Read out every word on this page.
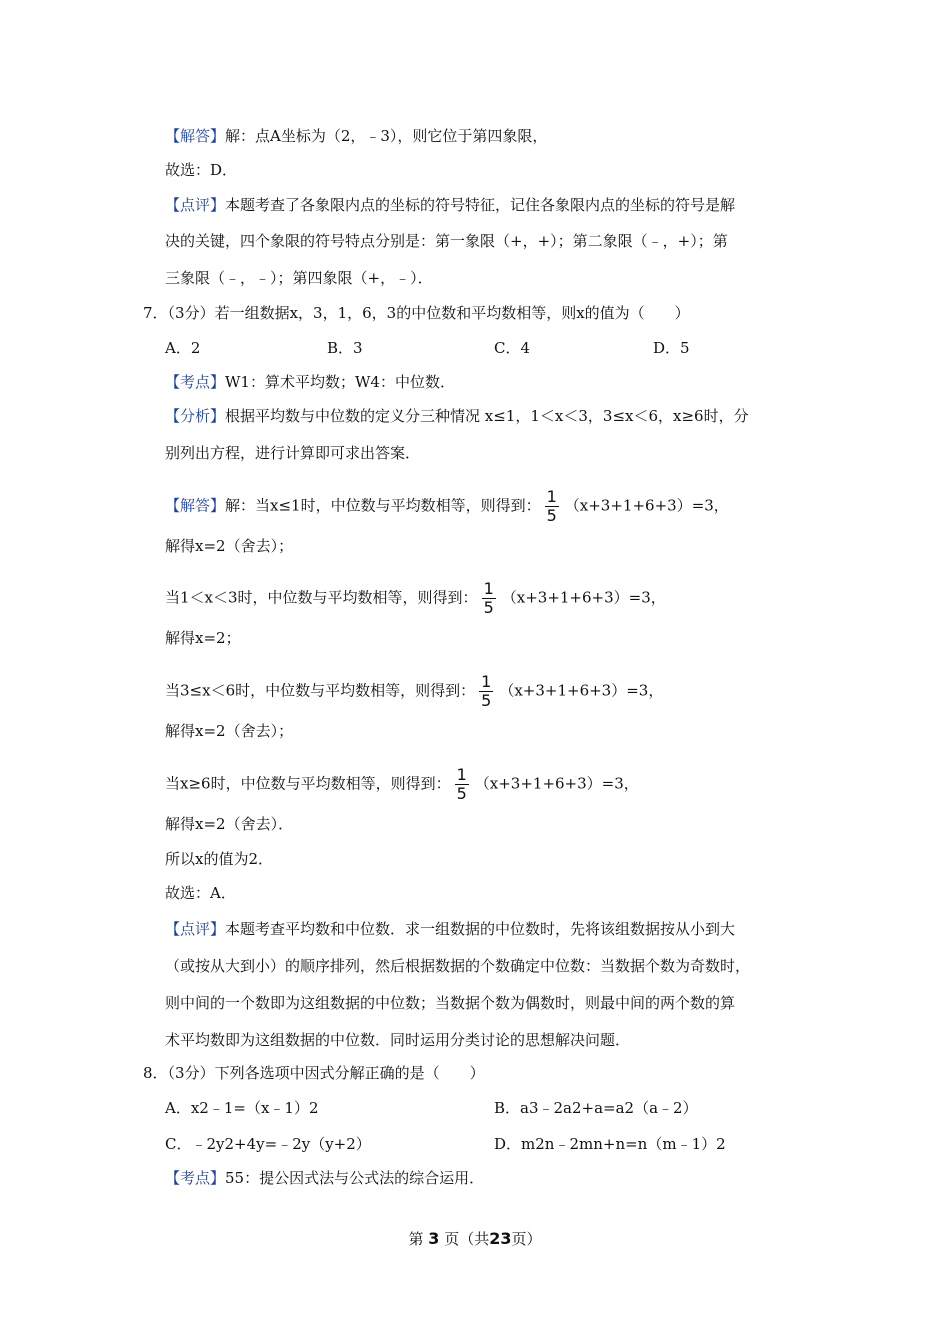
【解答】解：点A坐标为（2，﹣3），则它位于第四象限，
故选：D．
【点评】本题考查了各象限内点的坐标的符号特征，记住各象限内点的坐标的符号是解
决的关键，四个象限的符号特点分别是：第一象限（+，+）；第二象限（﹣，+）；第
三象限（﹣，﹣）；第四象限（+，﹣）．
7．（3分）若一组数据x，3，1，6，3的中位数和平均数相等，则x的值为（　　）
A．2	B．3	C．4	D．5
【考点】W1：算术平均数；W4：中位数．
【分析】根据平均数与中位数的定义分三种情况 x≤1，1＜x＜3，3≤x＜6，x≥6时，分
别列出方程，进行计算即可求出答案．
【解答】解：当x≤1时，中位数与平均数相等，则得到： $\frac{1}{5} (x+3+1+6+3)=3$，
解得x=2（舍去）；
当1＜x＜3时，中位数与平均数相等，则得到： $\frac{1}{5} (x+3+1+6+3)=3$，
解得x=2；
当3≤x＜6时，中位数与平均数相等，则得到： $\frac{1}{5} (x+3+1+6+3)=3$，
解得x=2（舍去）；
当x≥6时，中位数与平均数相等，则得到： $\frac{1}{5} (x+3+1+6+3)=3$，
解得x=2（舍去）．
所以x的值为2．
故选：A．
【点评】本题考查平均数和中位数．求一组数据的中位数时，先将该组数据按从小到大
（或按从大到小）的顺序排列，然后根据数据的个数确定中位数：当数据个数为奇数时，
则中间的一个数即为这组数据的中位数；当数据个数为偶数时，则最中间的两个数的算
术平均数即为这组数据的中位数．同时运用分类讨论的思想解决问题．
8．（3分）下列各选项中因式分解正确的是（　　）
A．x2﹣1=（x﹣1）2	B．a3﹣2a2+a=a2（a﹣2）
C．﹣2y2+4y=﹣2y（y+2）	D．m2n﹣2mn+n=n（m﹣1）2
【考点】55：提公因式法与公式法的综合运用．
第 3 页（共23页）
